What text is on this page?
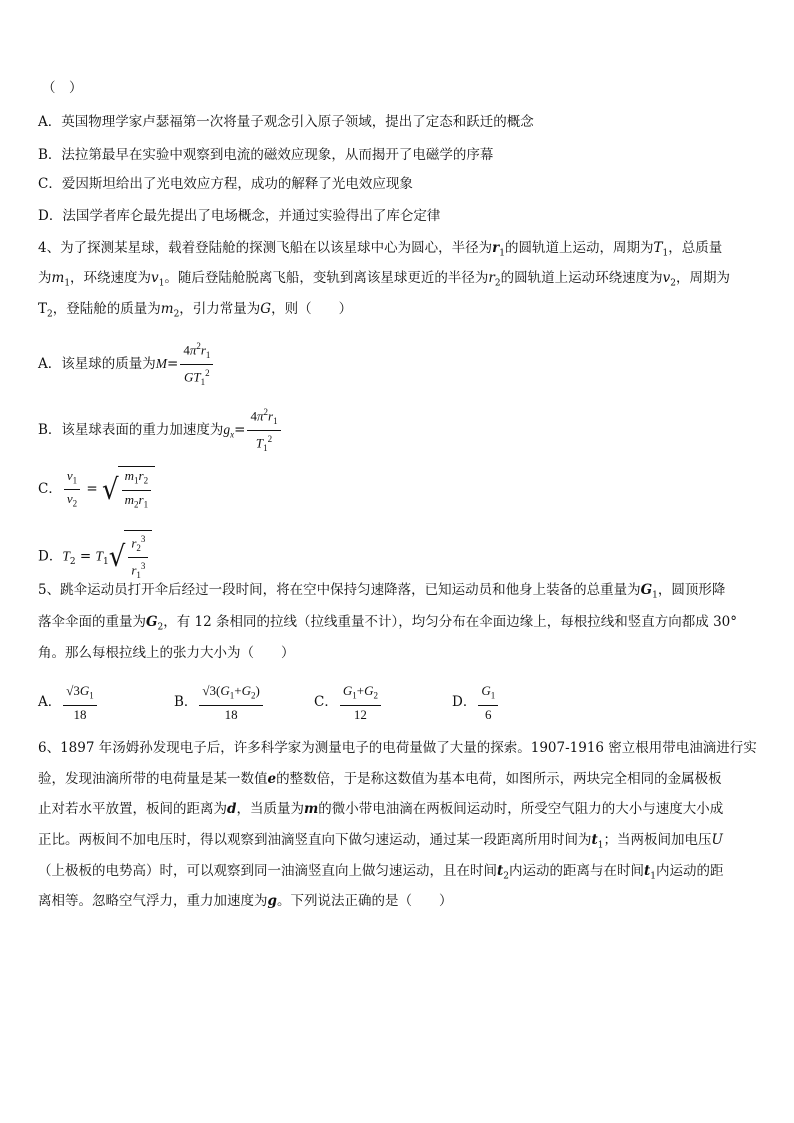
（　）
A．英国物理学家卢瑟福第一次将量子观念引入原子领域，提出了定态和跃迁的概念
B．法拉第最早在实验中观察到电流的磁效应现象，从而揭开了电磁学的序幕
C．爱因斯坦给出了光电效应方程，成功的解释了光电效应现象
D．法国学者库仑最先提出了电场概念，并通过实验得出了库仑定律
4、为了探测某星球，载着登陆舱的探测飞船在以该星球中心为圆心，半径为$r_1$的圆轨道上运动，周期为$T_1$，总质量
为$m_1$，环绕速度为$v_1$。随后登陆舱脱离飞船，变轨到离该星球更近的半径为$r_2$的圆轨道上运动环绕速度为$v_2$，周期为
$T_2$，登陆舱的质量为$m_2$，引力常量为G，则（　　）
A．该星球的质量为$M= \frac{4\pi^2r_1}{GT_1^2}$
B．该星球表面的重力加速度为$g_x= \frac{4\pi^2r_1}{T_1^2}$
C． $\frac{v_1}{v_2}$ = √ $\frac{m_1r_2}{m_2r_1}$
D．$T_2 = T_1$ √ $\frac{r_2^3}{r_1^3}$
5、跳伞运动员打开伞后经过一段时间，将在空中保持匀速降落，已知运动员和他身上装备的总重量为$G_1$，圆顶形降
落伞伞面的重量为$G_2$，有 12 条相同的拉线（拉线重量不计），均匀分布在伞面边缘上，每根拉线和竖直方向都成 30°
角。那么每根拉线上的张力大小为（　　）
A． $\frac{√3G_1}{18}$	B． $\frac{√3(G_1+G_2)}{18}$	C． $\frac{G_1+G_2}{12}$	D． $\frac{G_1}{6}$
6、1897 年汤姆孙发现电子后，许多科学家为测量电子的电荷量做了大量的探索。1907-1916 密立根用带电油滴进行实
验，发现油滴所带的电荷量是某一数值e的整数倍，于是称这数值为基本电荷，如图所示，两块完全相同的金属极板
止对若水平放置，板间的距离为d，当质量为m的微小带电油滴在两板间运动时，所受空气阻力的大小与速度大小成
正比。两板间不加电压时，得以观察到油滴竖直向下做匀速运动，通过某一段距离所用时间为$t_1$；当两板间加电压U
（上极板的电势高）时，可以观察到同一油滴竖直向上做匀速运动，且在时间$t_2$内运动的距离与在时间$t_1$内运动的距
离相等。忽略空气浮力，重力加速度为g。下列说法正确的是（　　）
